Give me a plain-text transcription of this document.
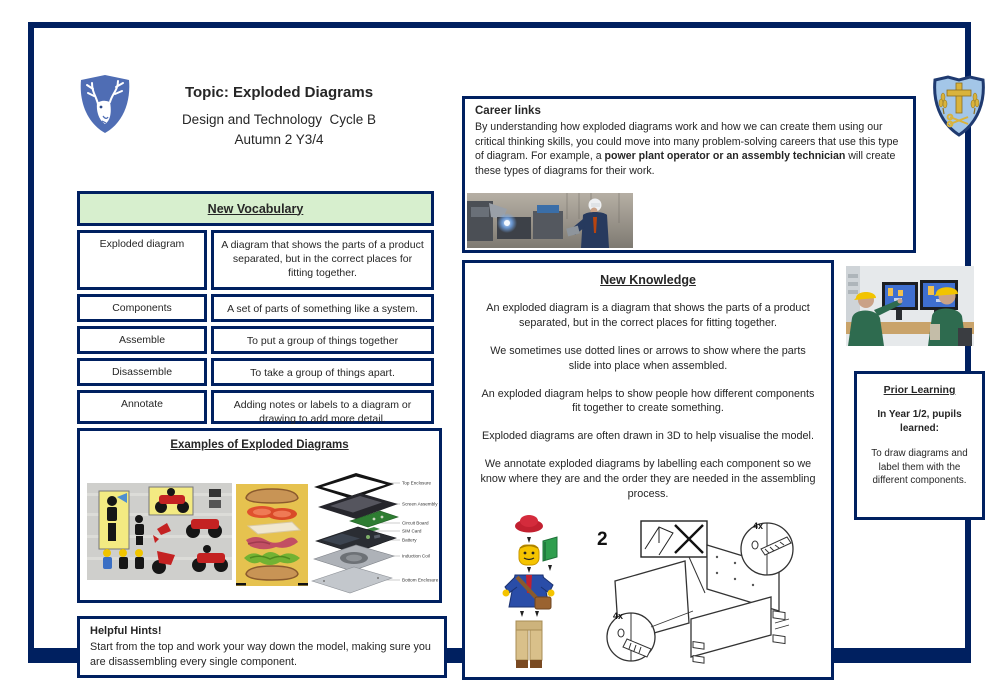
Topic: Exploded Diagrams
Design and Technology  Cycle B
Autumn 2 Y3/4
New Vocabulary
Exploded diagram	A diagram that shows the parts of a product separated, but in the correct places for fitting together.
Components	A set of parts of something like a system.
Assemble	To put a group of things together
Disassemble	To take a group of things apart.
Annotate	Adding notes or labels to a diagram or drawing to add more detail.
Examples of Exploded Diagrams
Top Enclosure
Screen Assembly
Circuit Board
SIM Card
Battery
Induction Coil
Bottom Enclosure
Helpful Hints!
Start from the top and work your way down the model, making sure you are disassembling every single component.
Career links
By understanding how exploded diagrams work and how we can create them using our critical thinking skills, you could move into many problem-solving careers that use this type of diagram. For example, a power plant operator or an assembly technician will create these types of diagrams for their work.
New Knowledge

An exploded diagram is a diagram that shows the parts of a product separated, but in the correct places for fitting together.

We sometimes use dotted lines or arrows to show where the parts slide into place when assembled.

An exploded diagram helps to show people how different components fit together to create something.

Exploded diagrams are often drawn in 3D to help visualise the model.

We annotate exploded diagrams by labelling each component so we know where they are and the order they are needed in the assembling process.

2
4x
4x
Prior Learning
In Year 1/2, pupils learned:
To draw diagrams and label them with the different components.
